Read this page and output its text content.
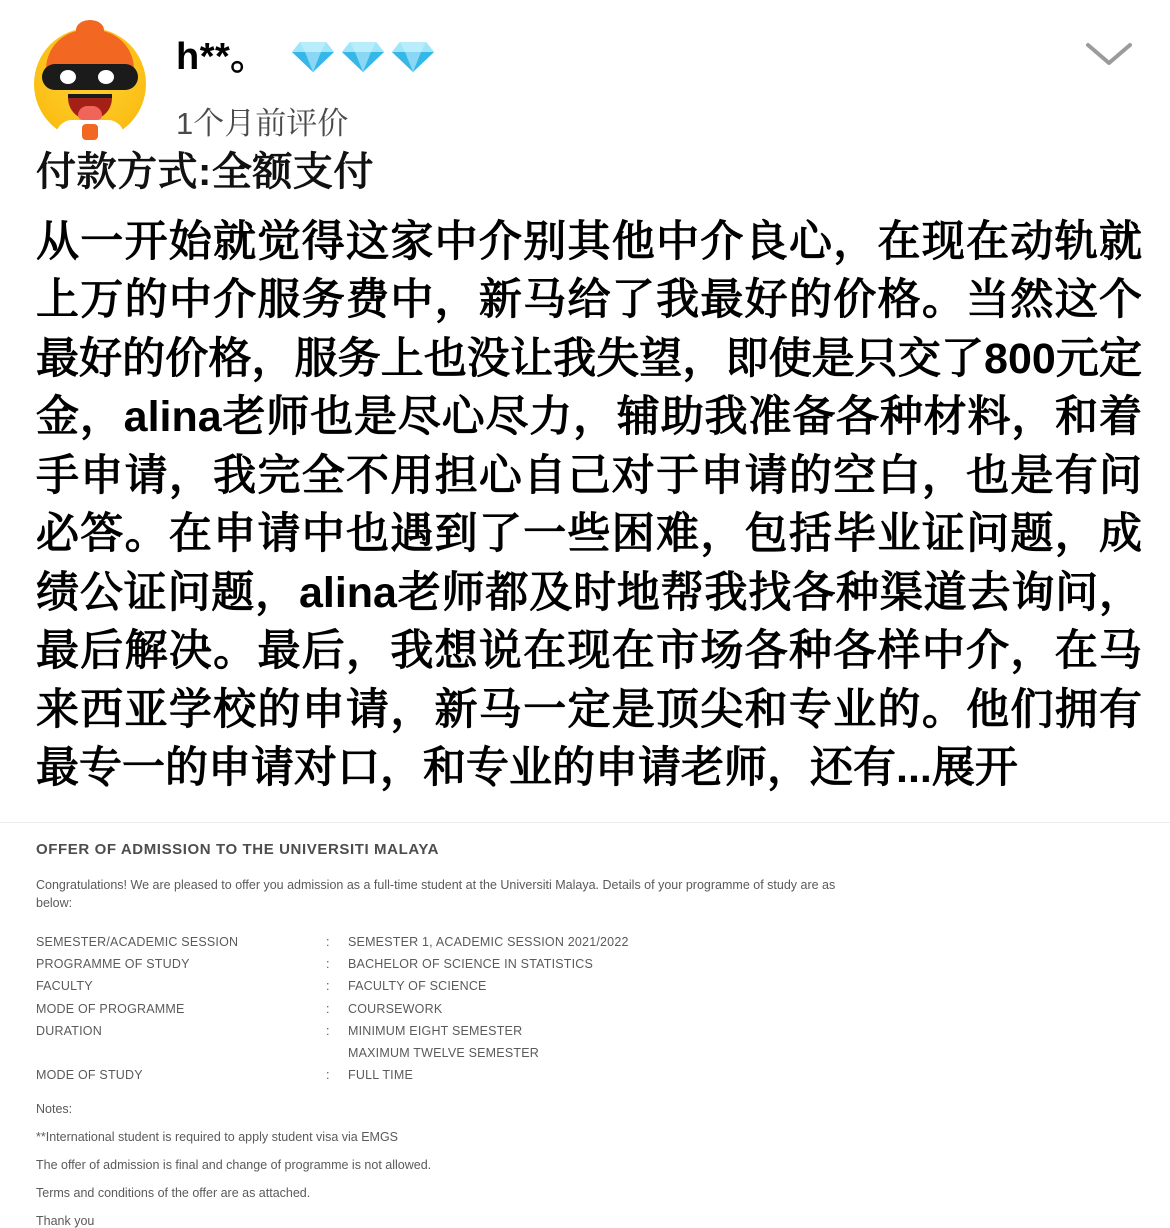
h**。
1个月前评价
付款方式:全额支付
从一开始就觉得这家中介别其他中介良心，在现在动轨就上万的中介服务费中，新马给了我最好的价格。当然这个最好的价格，服务上也没让我失望，即使是只交了800元定金，alina老师也是尽心尽力，辅助我准备各种材料，和着手申请，我完全不用担心自己对于申请的空白，也是有问必答。在申请中也遇到了一些困难，包括毕业证问题，成绩公证问题，alina老师都及时地帮我找各种渠道去询问，最后解决。最后，我想说在现在市场各种各样中介，在马来西亚学校的申请，新马一定是顶尖和专业的。他们拥有最专一的申请对口，和专业的申请老师，还有...展开
OFFER OF ADMISSION TO THE UNIVERSITI MALAYA
Congratulations! We are pleased to offer you admission as a full-time student at the Universiti Malaya. Details of your programme of study are as below:
SEMESTER/ACADEMIC SESSION	:	SEMESTER 1, ACADEMIC SESSION 2021/2022
PROGRAMME OF STUDY	:	BACHELOR OF SCIENCE IN STATISTICS
FACULTY	:	FACULTY OF SCIENCE
MODE OF PROGRAMME	:	COURSEWORK
DURATION	:	MINIMUM EIGHT SEMESTER
		MAXIMUM TWELVE SEMESTER
MODE OF STUDY	:	FULL TIME
Notes:
**International student is required to apply student visa via EMGS
The offer of admission is final and change of programme is not allowed.
Terms and conditions of the offer are as attached.
Thank you
